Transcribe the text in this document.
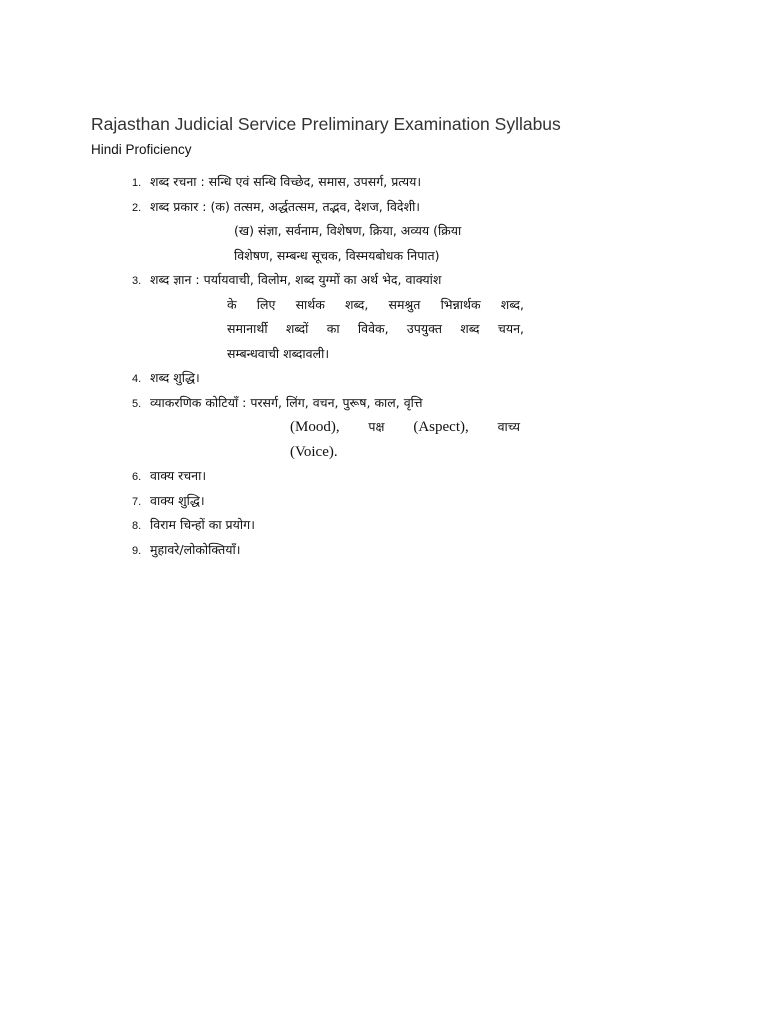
Rajasthan Judicial Service Preliminary Examination Syllabus
Hindi Proficiency
1. शब्द रचना : सन्धि एवं सन्धि विच्छेद, समास, उपसर्ग, प्रत्यय।
2. शब्द प्रकार : (क) तत्सम, अर्द्धतत्सम, तद्भव, देशज, विदेशी।
(ख) संज्ञा, सर्वनाम, विशेषण, क्रिया, अव्यय (क्रिया
विशेषण, सम्बन्ध सूचक, विस्मयबोधक निपात)
3. शब्द ज्ञान : पर्यायवाची, विलोम, शब्द युग्मों का अर्थ भेद, वाक्यांश
के लिए सार्थक शब्द, समश्रुत भिन्नार्थक शब्द,
समानार्थी शब्दों का विवेक, उपयुक्त शब्द चयन,
सम्बन्धवाची शब्दावली।
4. शब्द शुद्धि।
5. व्याकरणिक कोटियॉं : परसर्ग, लिंग, वचन, पुरूष, काल, वृत्ति
(Mood), पक्ष (Aspect), वाच्य
(Voice).
6. वाक्य रचना।
7. वाक्य शुद्धि।
8. विराम चिन्हों का प्रयोग।
9. मुहावरे/लोकोक्तियॉं।
